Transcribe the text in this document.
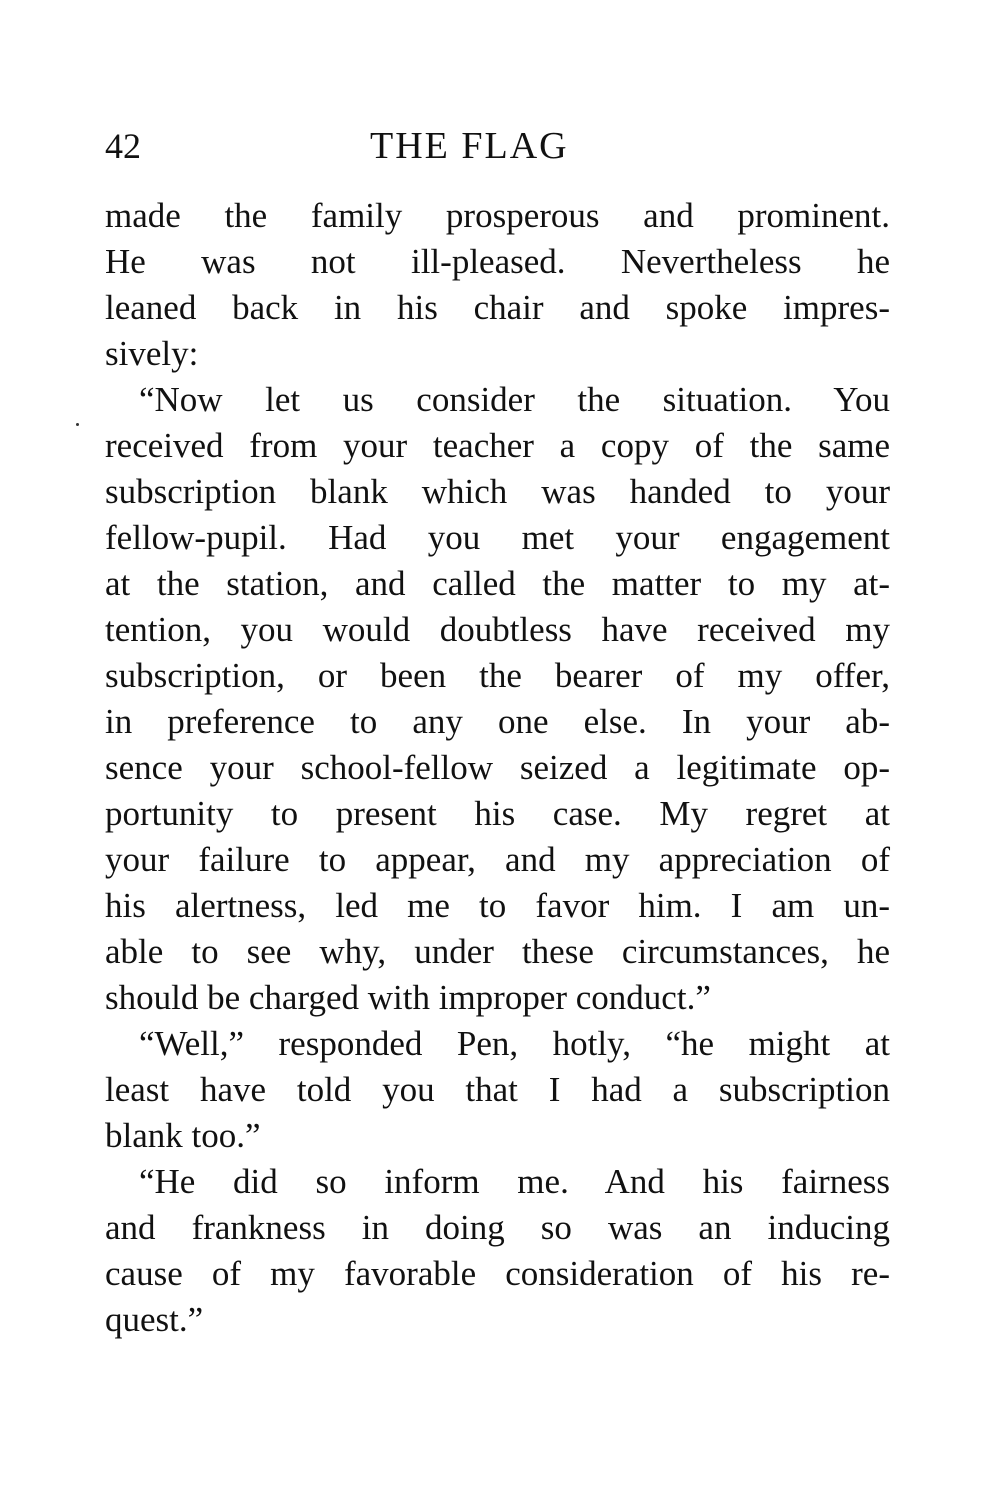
42	THE FLAG
made the family prosperous and prominent.
He was not ill-pleased. Nevertheless he
leaned back in his chair and spoke impres-
sively:
“Now let us consider the situation. You
received from your teacher a copy of the same
subscription blank which was handed to your
fellow-pupil. Had you met your engagement
at the station, and called the matter to my at-
tention, you would doubtless have received my
subscription, or been the bearer of my offer,
in preference to any one else. In your ab-
sence your school-fellow seized a legitimate op-
portunity to present his case. My regret at
your failure to appear, and my appreciation of
his alertness, led me to favor him. I am un-
able to see why, under these circumstances, he
should be charged with improper conduct.”
“Well,” responded Pen, hotly, “he might at
least have told you that I had a subscription
blank too.”
“He did so inform me. And his fairness
and frankness in doing so was an inducing
cause of my favorable consideration of his re-
quest.”
